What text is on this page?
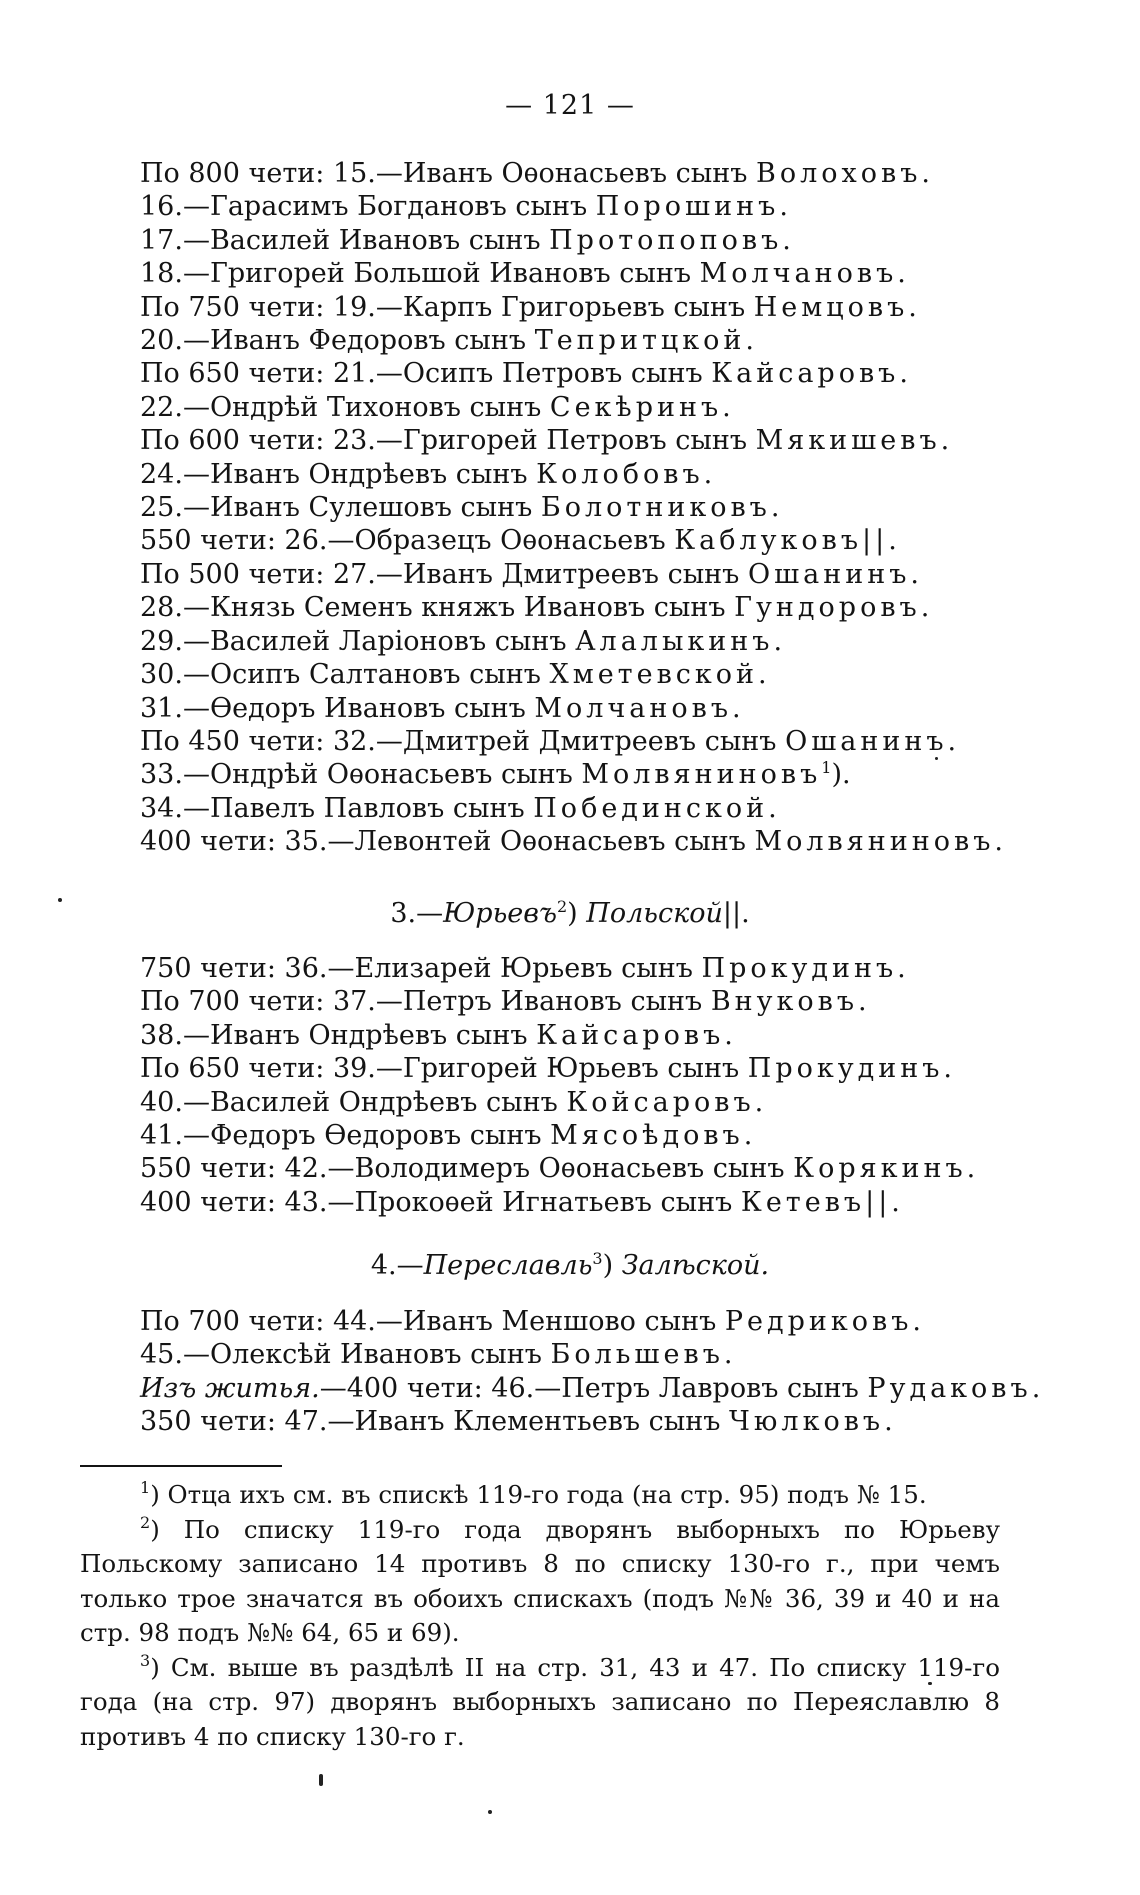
— 121 —
По 800 чети: 15.—Иванъ Оѳонасьевъ сынъ Волоховъ.
16.—Гарасимъ Богдановъ сынъ Порошинъ.
17.—Василей Ивановъ сынъ Протопоповъ.
18.—Григорей Большой Ивановъ сынъ Молчановъ.
По 750 чети: 19.—Карпъ Григорьевъ сынъ Немцовъ.
20.—Иванъ Федоровъ сынъ Тепритцкой.
По 650 чети: 21.—Осипъ Петровъ сынъ Кайсаровъ.
22.—Ондрѣй Тихоновъ сынъ Секѣринъ.
По 600 чети: 23.—Григорей Петровъ сынъ Мякишевъ.
24.—Иванъ Ондрѣевъ сынъ Колобовъ.
25.—Иванъ Сулешовъ сынъ Болотниковъ.
550 чети: 26.—Образецъ Оѳонасьевъ Каблуковъ||.
По 500 чети: 27.—Иванъ Дмитреевъ сынъ Ошанинъ.
28.—Князь Семенъ княжъ Ивановъ сынъ Гундоровъ.
29.—Василей Ларіоновъ сынъ Алалыкинъ.
30.—Осипъ Салтановъ сынъ Хметевской.
31.—Ѳедоръ Ивановъ сынъ Молчановъ.
По 450 чети: 32.—Дмитрей Дмитреевъ сынъ Ошанинъ.
33.—Ондрѣй Оѳонасьевъ сынъ Молвяниновъ$^1$).
34.—Павелъ Павловъ сынъ Побединской.
400 чети: 35.—Левонтей Оѳонасьевъ сынъ Молвяниновъ.
3.—Юрьевъ$^2$) Польской||.
750 чети: 36.—Елизарей Юрьевъ сынъ Прокудинъ.
По 700 чети: 37.—Петръ Ивановъ сынъ Внуковъ.
38.—Иванъ Ондрѣевъ сынъ Кайсаровъ.
По 650 чети: 39.—Григорей Юрьевъ сынъ Прокудинъ.
40.—Василей Ондрѣевъ сынъ Койсаровъ.
41.—Федоръ Ѳедоровъ сынъ Мясоѣдовъ.
550 чети: 42.—Володимеръ Оѳонасьевъ сынъ Корякинъ.
400 чети: 43.—Прокоѳей Игнатьевъ сынъ Кетевъ||.
4.—Переславль$^3$) Залѣской.
По 700 чети: 44.—Иванъ Меншово сынъ Редриковъ.
45.—Олексѣй Ивановъ сынъ Большевъ.
Изъ житья.—400 чети: 46.—Петръ Лавровъ сынъ Рудаковъ.
350 чети: 47.—Иванъ Клементьевъ сынъ Чюлковъ.
$^1$) Отца ихъ см. въ спискѣ 119-го года (на стр. 95) подъ № 15.
$^2$) По списку 119-го года дворянъ выборныхъ по Юрьеву Польскому записано 14 противъ 8 по списку 130-го г., при чемъ только трое значатся въ обоихъ спискахъ (подъ №№ 36, 39 и 40 и на стр. 98 подъ №№ 64, 65 и 69).
$^3$) См. выше въ раздѣлѣ II на стр. 31, 43 и 47. По списку 119-го года (на стр. 97) дворянъ выборныхъ записано по Переяславлю 8 противъ 4 по списку 130-го г.
